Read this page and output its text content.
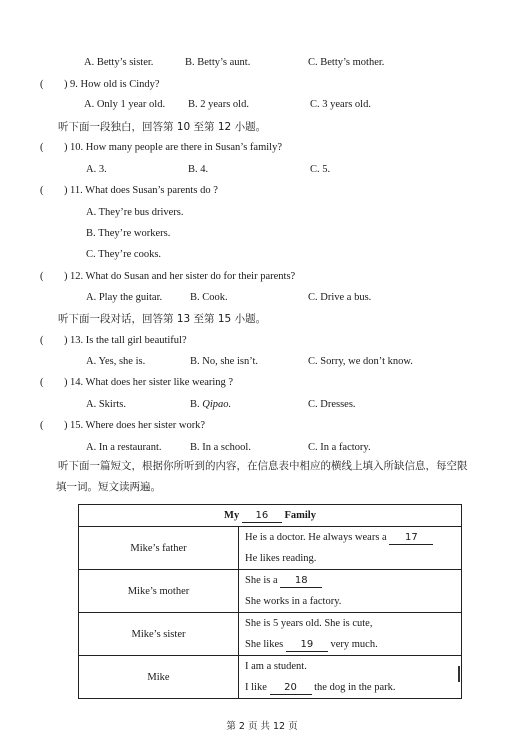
A. Betty’s sister.	B. Betty’s aunt.	C. Betty’s mother.
( ) 9. How old is Cindy?
A. Only 1 year old. B. 2 years old.	C. 3 years old.
听下面一段独白，回答第 10 至第 12 小题。
( ) 10. How many people are there in Susan’s family?
A. 3.	B. 4.	C. 5.
( ) 11. What does Susan’s parents do ?
A. They’re bus drivers.
B. They’re workers.
C. They’re cooks.
( ) 12. What do Susan and her sister do for their parents?
A. Play the guitar.	B. Cook.	C. Drive a bus.
听下面一段对话，回答第 13 至第 15 小题。
( ) 13. Is the tall girl beautiful?
A. Yes, she is.	B. No, she isn’t.	C. Sorry, we don’t know.
( ) 14. What does her sister like wearing ?
A. Skirts.	B. Qipao.	C. Dresses.
( ) 15. Where does her sister work?
A. In a restaurant.	B. In a school.	C. In a factory.
听下面一篇短文，根据你所听到的内容，在信息表中相应的横线上填入所缺信息，每空限填一词。短文读两遍。
My 16 Family	
Mike’s father	He is a doctor. He always wears a 17
He likes reading.

Mike’s mother	She is a 18
She works in a factory.

Mike’s sister	She is 5 years old. She is cute,
She likes 19 very much.

Mike	I am a student.
I like 20 the dog in the park.
第 2 页 共 12 页
